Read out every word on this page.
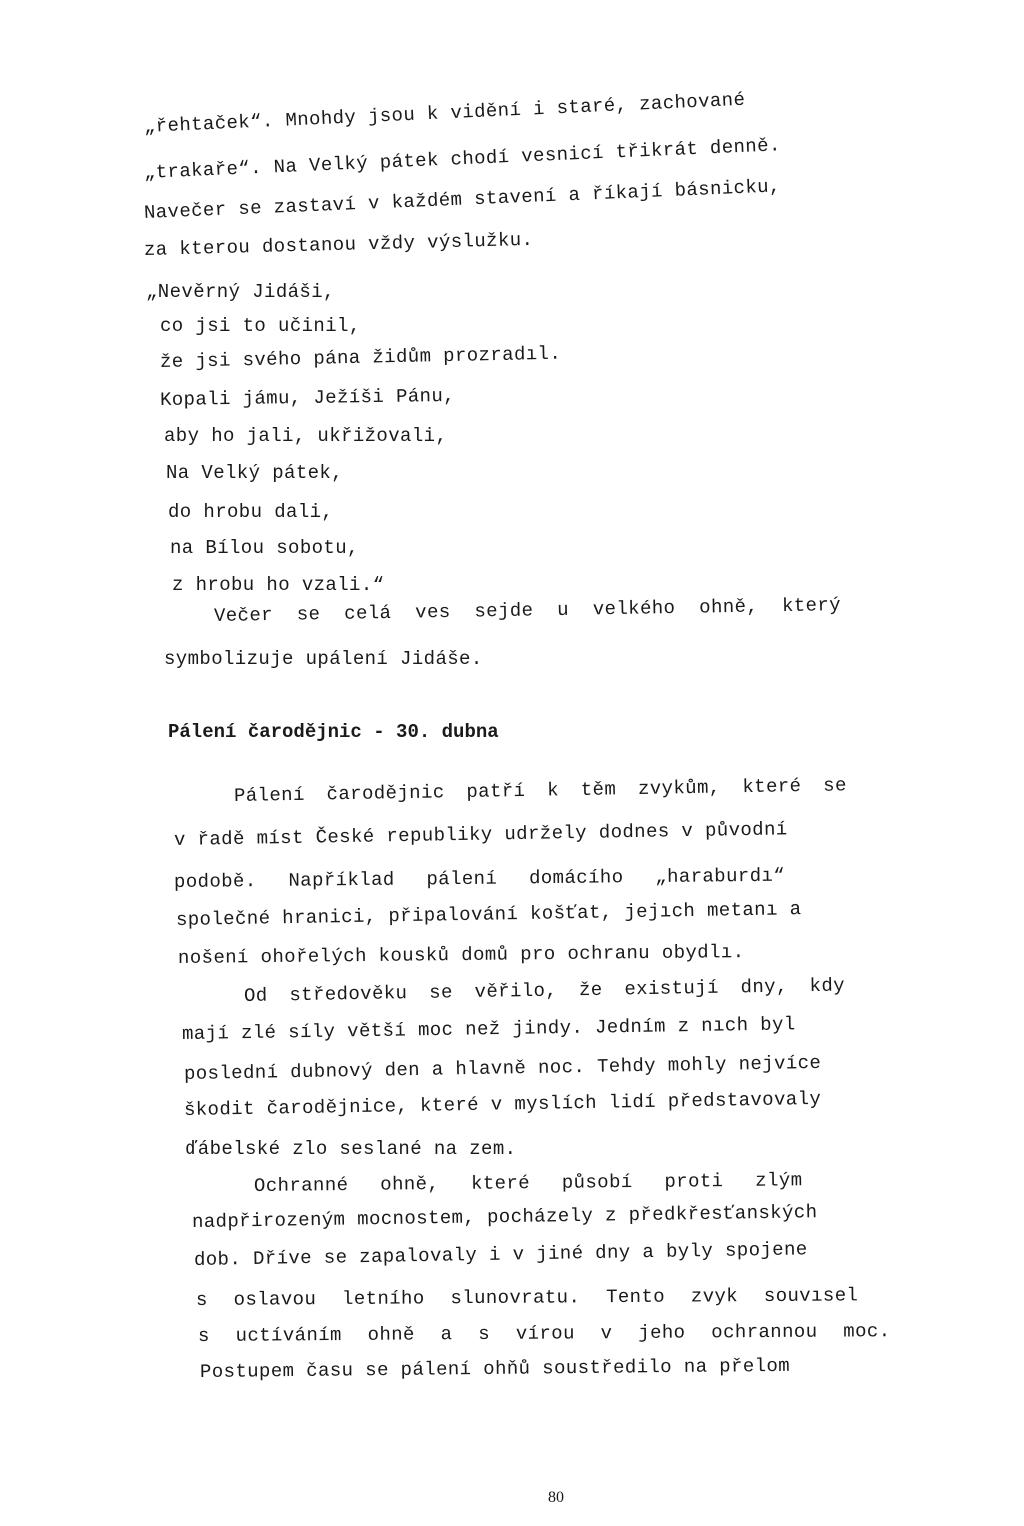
„řehtaček“. Mnohdy jsou k vidění i staré, zachované
„trakaře“. Na Velký pátek chodí vesnicí třikrát denně.
Navečer se zastaví v každém stavení a říkají básnicku,
za kterou dostanou vždy výslužku.
„Nevěrný Jidáši,
co jsi to učinil,
že jsi svého pána židům prozradıl.
Kopali jámu, Ježíši Pánu,
aby ho jali, ukřižovali,
Na Velký pátek,
do hrobu dali,
na Bílou sobotu,
z hrobu ho vzali.“
Večer se celá ves sejde u velkého ohně, který
symbolizuje upálení Jidáše.
Pálení čarodějnic - 30. dubna
Pálení čarodějnic patří k těm zvykům, které se
v řadě míst České republiky udržely dodnes v původní
podobě. Například pálení domácího „haraburdı“
společné hranici, připalování košťat, jejıch metanı a
nošení ohořelých kousků domů pro ochranu obydlı.
Od středověku se věřilo, že existují dny, kdy
mají zlé síly větší moc než jindy. Jedním z nıch byl
poslední dubnový den a hlavně noc. Tehdy mohly nejvíce
škodit čarodějnice, které v myslích lidí představovaly
ďábelské zlo seslané na zem.
Ochranné ohně, které působí proti zlým
nadpřirozeným mocnostem, pocházely z předkřesťanských
dob. Dříve se zapalovaly i v jiné dny a byly spojene
s oslavou letního slunovratu. Tento zvyk souvısel
s uctíváním ohně a s vírou v jeho ochrannou moc.
Postupem času se pálení ohňů soustředilo na přelom
80
